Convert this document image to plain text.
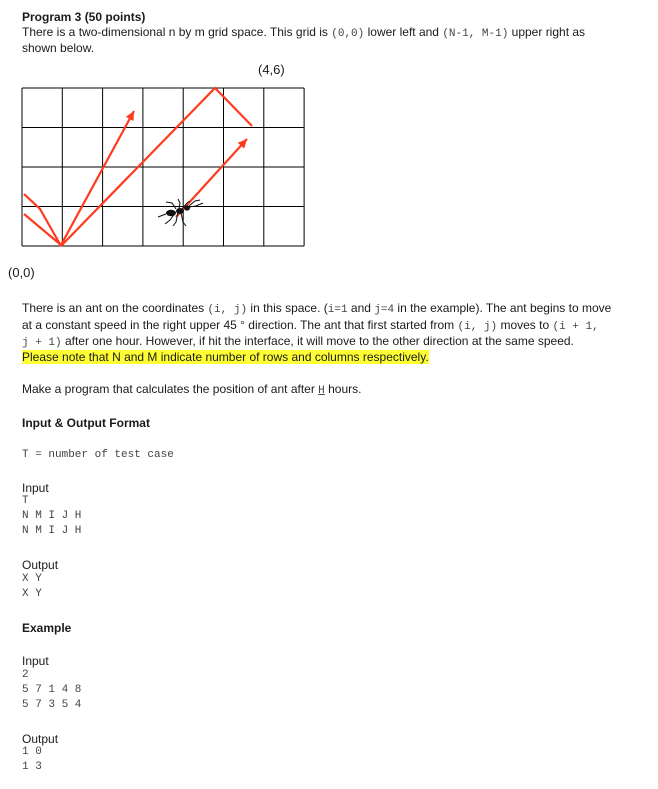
Program 3 (50 points)
There is a two-dimensional n by m grid space. This grid is (0,0) lower left and (N-1, M-1) upper right as
shown below.
(4,6)
(0,0)
There is an ant on the coordinates (i, j) in this space. (i=1 and j=4 in the example). The ant begins to move
at a constant speed in the right upper 45 ° direction. The ant that first started from (i, j) moves to (i + 1,
j + 1) after one hour. However, if hit the interface, it will move to the other direction at the same speed.
Please note that N and M indicate number of rows and columns respectively.
Make a program that calculates the position of ant after H hours.
Input & Output Format
T = number of test case
Input
T
N M I J H
N M I J H
Output
X Y
X Y
Example
Input
2
5 7 1 4 8
5 7 3 5 4
Output
1 0
1 3
